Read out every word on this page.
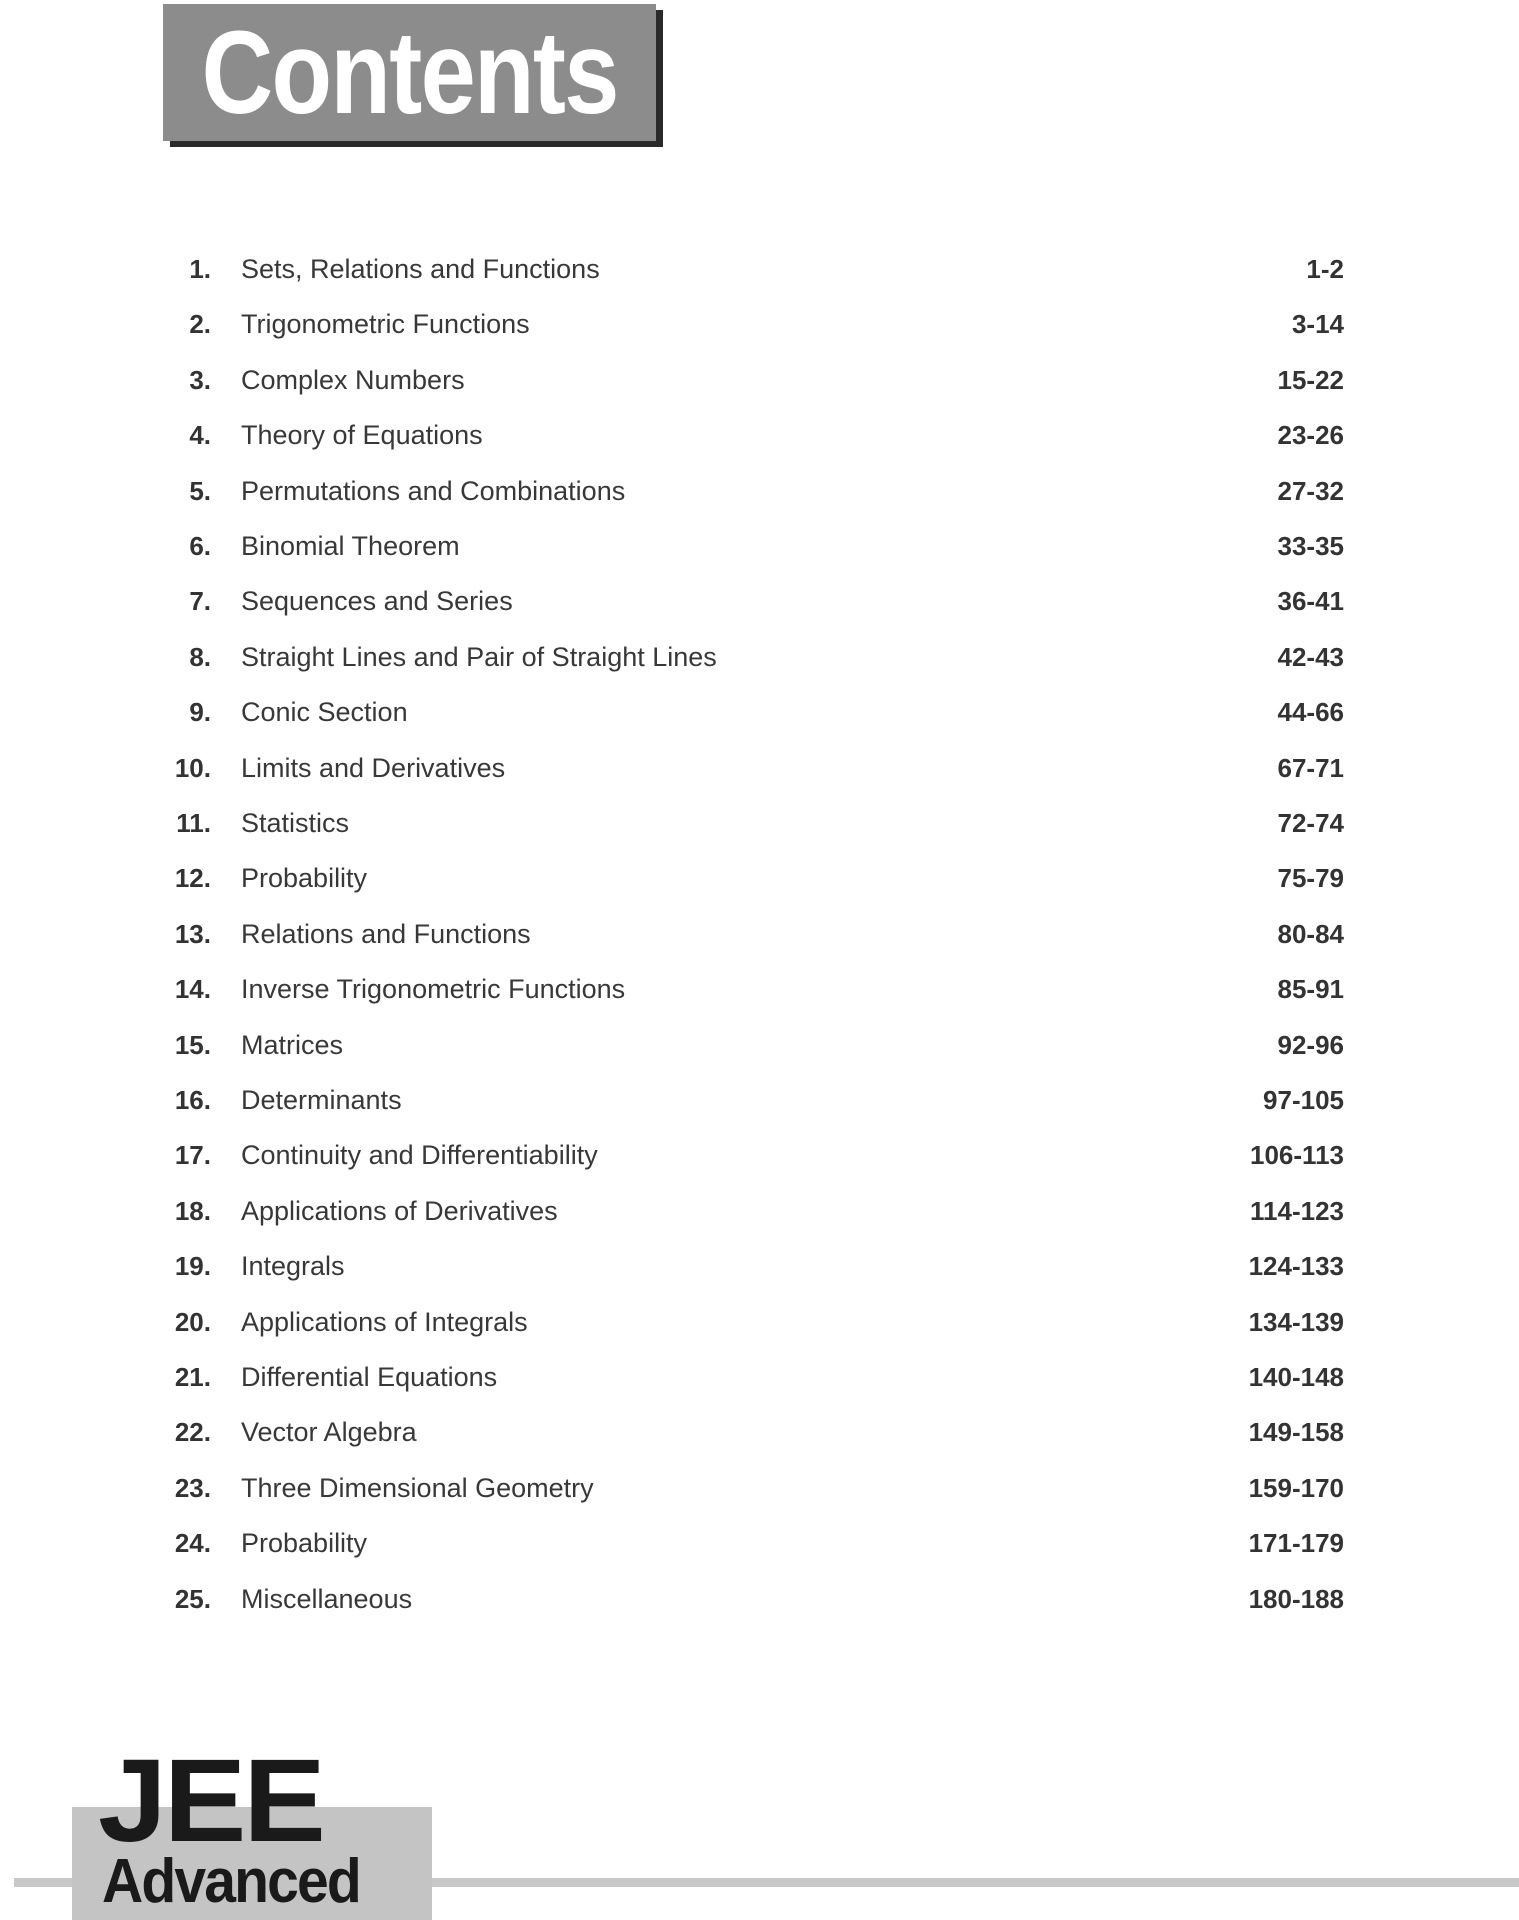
Contents
1. Sets, Relations and Functions	1-2
2. Trigonometric Functions	3-14
3. Complex Numbers	15-22
4. Theory of Equations	23-26
5. Permutations and Combinations	27-32
6. Binomial Theorem	33-35
7. Sequences and Series	36-41
8. Straight Lines and Pair of Straight Lines	42-43
9. Conic Section	44-66
10. Limits and Derivatives	67-71
11. Statistics	72-74
12. Probability	75-79
13. Relations and Functions	80-84
14. Inverse Trigonometric Functions	85-91
15. Matrices	92-96
16. Determinants	97-105
17. Continuity and Differentiability	106-113
18. Applications of Derivatives	114-123
19. Integrals	124-133
20. Applications of Integrals	134-139
21. Differential Equations	140-148
22. Vector Algebra	149-158
23. Three Dimensional Geometry	159-170
24. Probability	171-179
25. Miscellaneous	180-188
JEE
Advanced
